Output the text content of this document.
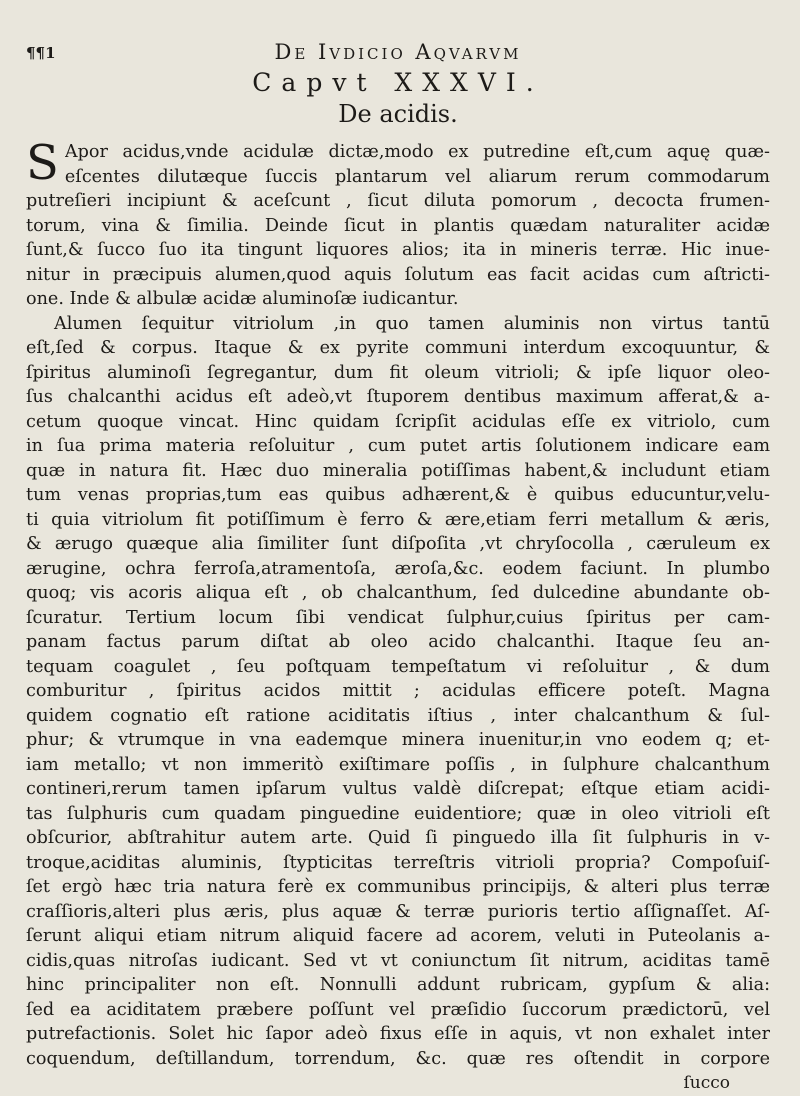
¶¶1	De Ivdicio Aqvarvm
Capvt XXXVI.
De acidis.
S Apor acidus,vnde acidulæ dictæ,modo ex putredine eſt,cum aquę quæ-
eſcentes dilutæque ſuccis plantarum vel aliarum rerum commodarum
putreſieri incipiunt & aceſcunt , ſicut diluta pomorum , decocta frumen-
torum, vina & ſimilia. Deinde ſicut in plantis quædam naturaliter acidæ
ſunt,& ſucco ſuo ita tingunt liquores alios; ita in mineris terræ. Hic inue-
nitur in præcipuis alumen,quod aquis ſolutum eas facit acidas cum aſtricti-
one. Inde & albulæ acidæ aluminoſæ iudicantur.
Alumen ſequitur vitriolum ,in quo tamen aluminis non virtus tantū
eſt,ſed & corpus. Itaque & ex pyrite communi interdum excoquuntur, &
ſpiritus aluminoſi ſegregantur, dum fit oleum vitrioli; & ipſe liquor oleo-
ſus chalcanthi acidus eſt adeò,vt ſtuporem dentibus maximum afferat,& a-
cetum quoque vincat. Hinc quidam ſcripſit acidulas eſſe ex vitriolo, cum
in ſua prima materia reſoluitur , cum putet artis ſolutionem indicare eam
quæ in natura fit. Hæc duo mineralia potiſſimas habent,& includunt etiam
tum venas proprias,tum eas quibus adhærent,& è quibus educuntur,velu-
ti quia vitriolum fit potiſſimum è ferro & ære,etiam ferri metallum & æris,
& ærugo quæque alia ſimiliter ſunt diſpoſita ,vt chryſocolla , cæruleum ex
ærugine, ochra ferroſa,atramentoſa, æroſa,&c. eodem faciunt. In plumbo
quoq; vis acoris aliqua eſt , ob chalcanthum, ſed dulcedine abundante ob-
ſcuratur. Tertium locum ſibi vendicat ſulphur,cuius ſpiritus per cam-
panam factus parum diſtat ab oleo acido chalcanthi. Itaque ſeu an-
tequam coagulet , ſeu poſtquam tempeſtatum vi reſoluitur , & dum
comburitur , ſpiritus acidos mittit ; acidulas efficere poteſt. Magna
quidem cognatio eſt ratione aciditatis iſtius , inter chalcanthum & ſul-
phur; & vtrumque in vna eademque minera inuenitur,in vno eodem q; et-
iam metallo; vt non immeritò exiſtimare poſſis , in ſulphure chalcanthum
contineri,rerum tamen ipſarum vultus valdè diſcrepat; eſtque etiam acidi-
tas ſulphuris cum quadam pinguedine euidentiore; quæ in oleo vitrioli eſt
obſcurior, abſtrahitur autem arte. Quid ſi pinguedo illa ſit ſulphuris in v-
troque,aciditas aluminis, ſtypticitas terreſtris vitrioli propria? Compoſuiſ-
ſet ergò hæc tria natura ferè ex communibus principijs, & alteri plus terræ
craſſioris,alteri plus æris, plus aquæ & terræ purioris tertio aſſignaſſet. Aſ-
ſerunt aliqui etiam nitrum aliquid facere ad acorem, veluti in Puteolanis a-
cidis,quas nitroſas iudicant. Sed vt vt coniunctum ſit nitrum, aciditas tamē
hinc principaliter non eſt. Nonnulli addunt rubricam, gypſum & alia:
ſed ea aciditatem præbere poſſunt vel præſidio ſuccorum prædictorū, vel
putrefactionis. Solet hic ſapor adeò fixus eſſe in aquis, vt non exhalet inter
coquendum, deſtillandum, torrendum, &c. quæ res oſtendit in corpore
ſucco
